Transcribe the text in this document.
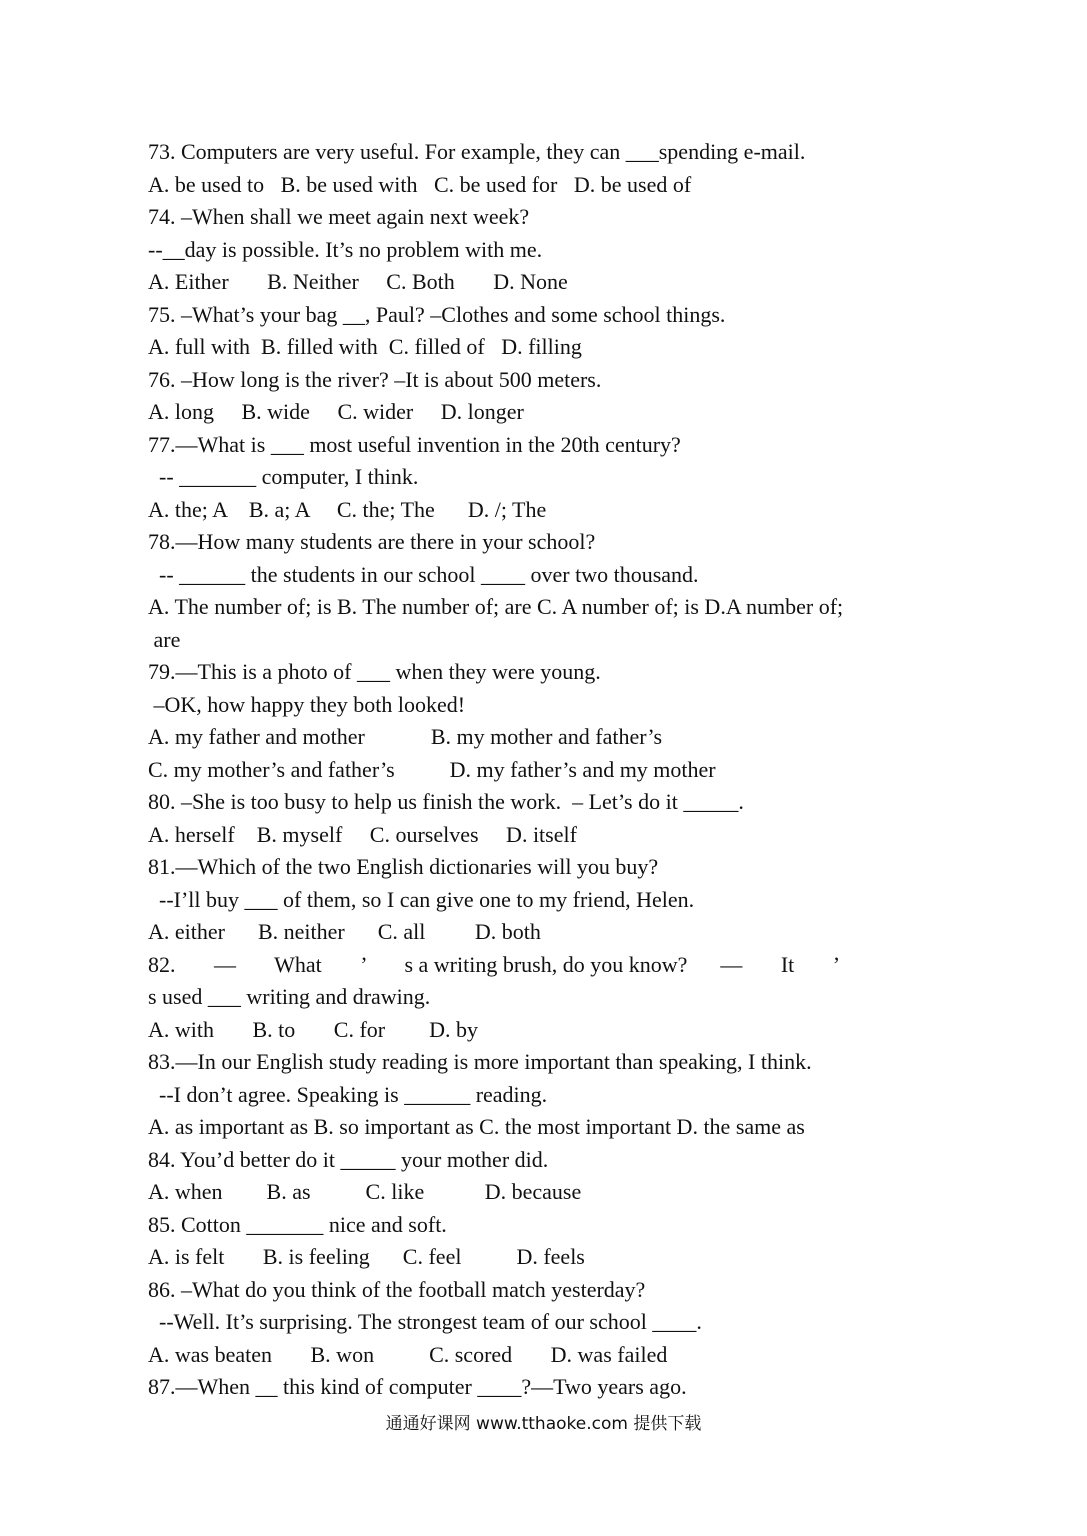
73. Computers are very useful. For example, they can ___spending e-mail.
A. be used to   B. be used with   C. be used for   D. be used of
74. –When shall we meet again next week?
--__day is possible. It’s no problem with me.
A. Either       B. Neither     C. Both       D. None
75. –What’s your bag __, Paul? –Clothes and some school things.
A. full with  B. filled with  C. filled of   D. filling
76. –How long is the river? –It is about 500 meters.
A. long     B. wide     C. wider     D. longer
77.—What is ___ most useful invention in the 20th century?
-- _______ computer, I think.
A. the; A    B. a; A     C. the; The      D. /; The
78.—How many students are there in your school?
-- ______ the students in our school ____ over two thousand.
A. The number of; is B. The number of; are C. A number of; is D.A number of;
are
79.—This is a photo of ___ when they were young.
–OK, how happy they both looked!
A. my father and mother            B. my mother and father’s
C. my mother’s and father’s          D. my father’s and my mother
80. –She is too busy to help us finish the work.  – Let’s do it _____.
A. herself    B. myself     C. ourselves     D. itself
81.—Which of the two English dictionaries will you buy?
--I’ll buy ___ of them, so I can give one to my friend, Helen.
A. either      B. neither      C. all         D. both
82.       —       What       ’       s a writing brush, do you know?      —       It       ’
s used ___ writing and drawing.
A. with       B. to       C. for        D. by
83.—In our English study reading is more important than speaking, I think.
--I don’t agree. Speaking is ______ reading.
A. as important as B. so important as C. the most important D. the same as
84. You’d better do it _____ your mother did.
A. when        B. as          C. like           D. because
85. Cotton _______ nice and soft.
A. is felt       B. is feeling      C. feel          D. feels
86. –What do you think of the football match yesterday?
--Well. It’s surprising. The strongest team of our school ____.
A. was beaten       B. won          C. scored       D. was failed
87.—When __ this kind of computer ____?—Two years ago.
通通好课网 www.tthaoke.com 提供下载
